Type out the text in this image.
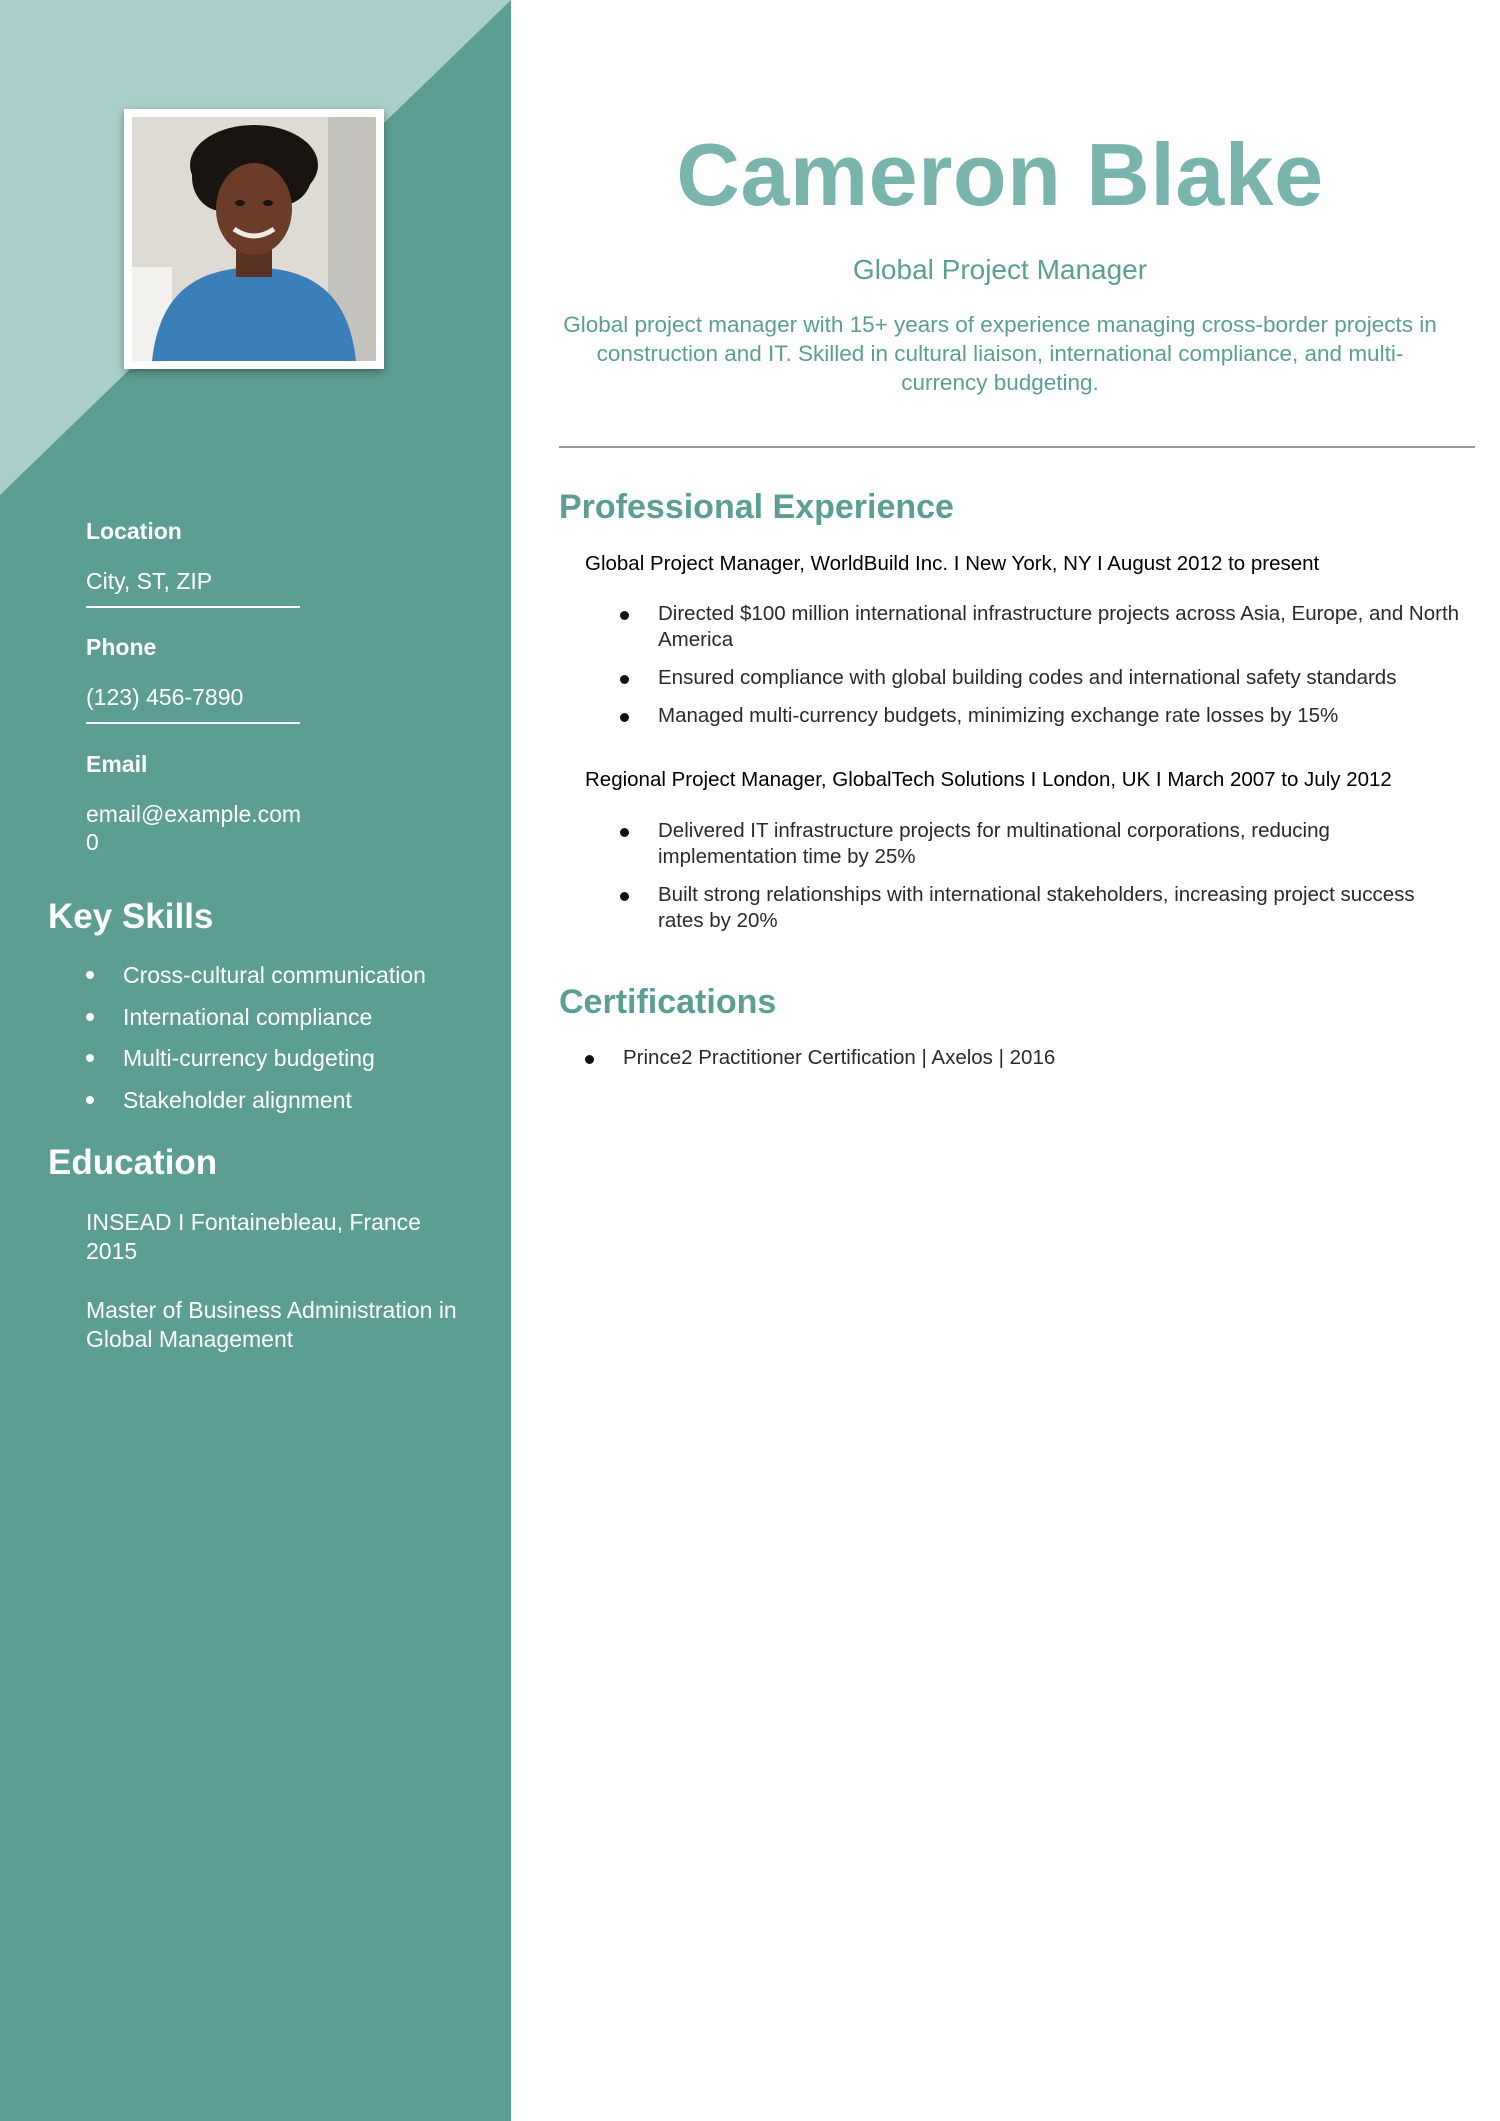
Location
City, ST, ZIP
Phone
(123) 456-7890
Email
email@example.com
0
Key Skills
Cross-cultural communication
International compliance
Multi-currency budgeting
Stakeholder alignment
Education
INSEAD I Fontainebleau, France
2015
Master of Business Administration in Global Management
Cameron Blake
Global Project Manager
Global project manager with 15+ years of experience managing cross-border projects in construction and IT. Skilled in cultural liaison, international compliance, and multi-currency budgeting.
Professional Experience
Global Project Manager, WorldBuild Inc. I New York, NY I August 2012 to present
Directed $100 million international infrastructure projects across Asia, Europe, and North America
Ensured compliance with global building codes and international safety standards
Managed multi-currency budgets, minimizing exchange rate losses by 15%
Regional Project Manager, GlobalTech Solutions I London, UK I March 2007 to July 2012
Delivered IT infrastructure projects for multinational corporations, reducing implementation time by 25%
Built strong relationships with international stakeholders, increasing project success rates by 20%
Certifications
Prince2 Practitioner Certification | Axelos | 2016
